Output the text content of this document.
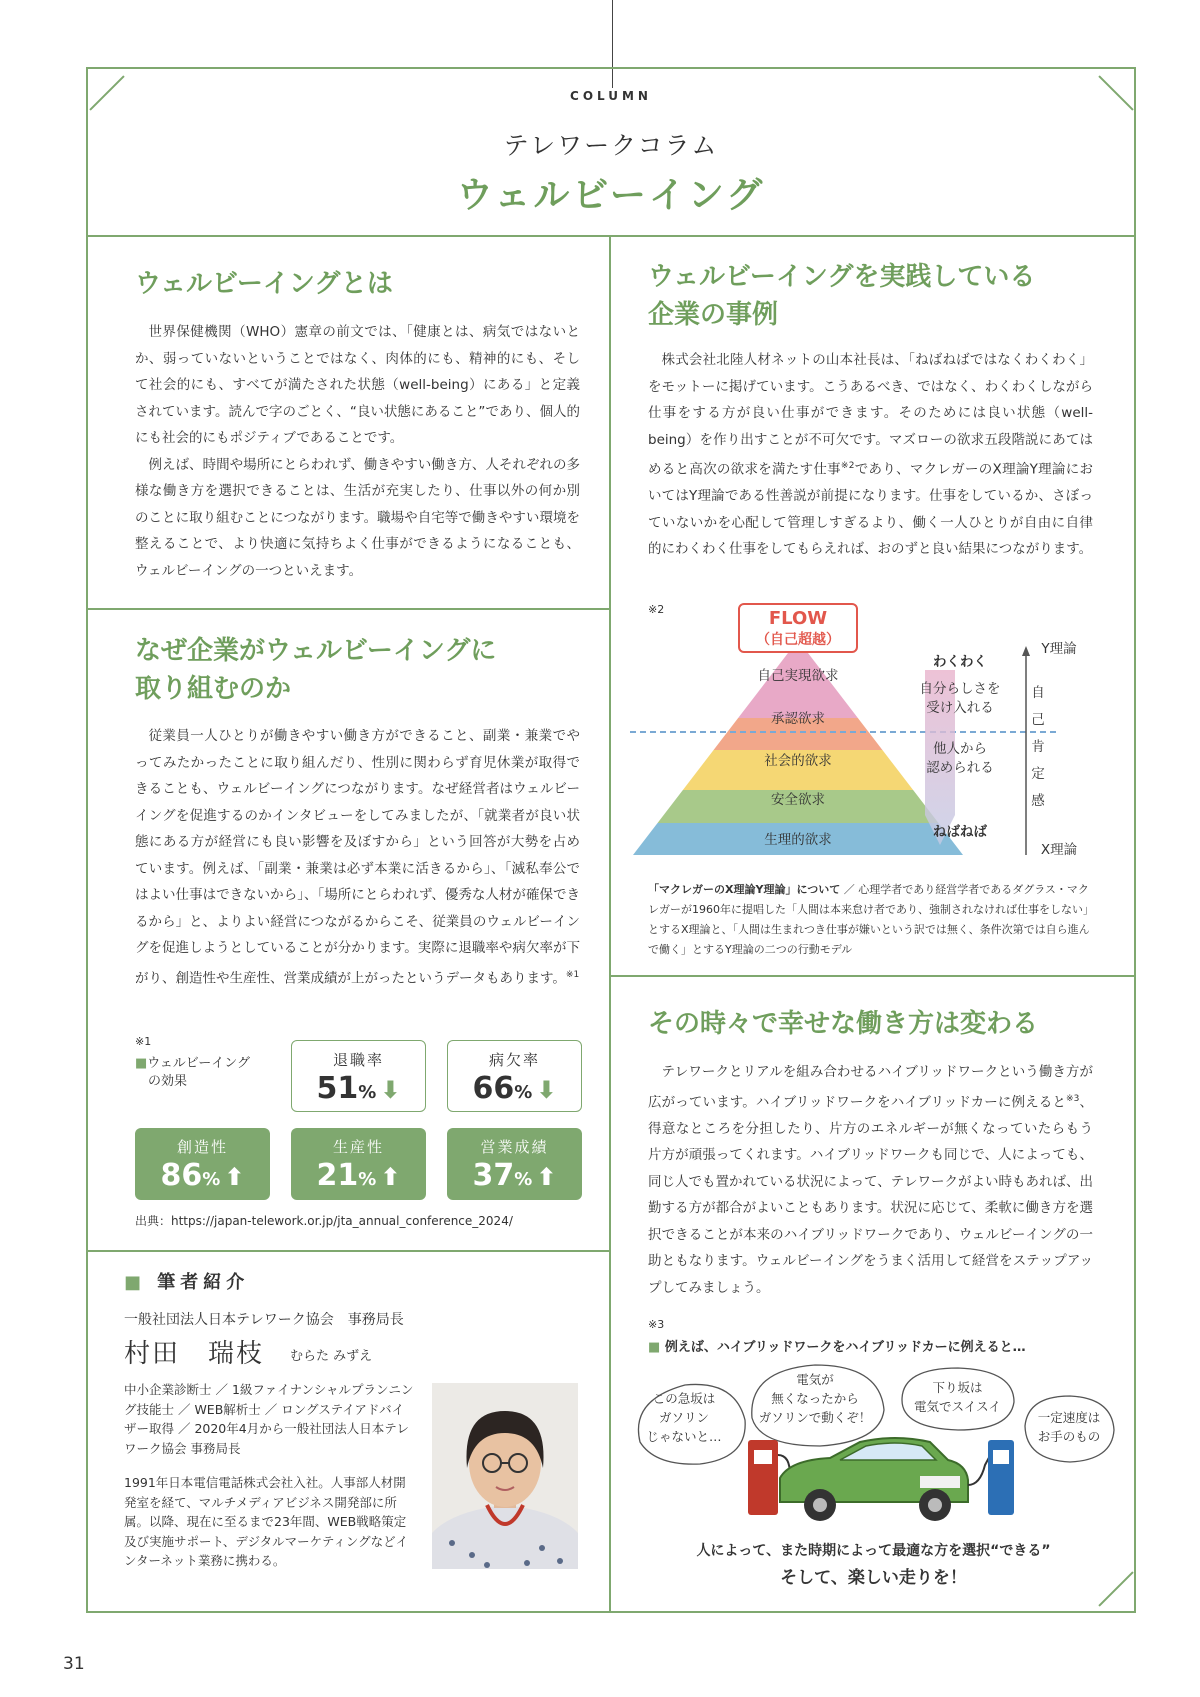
COLUMN
テレワークコラム
ウェルビーイング
ウェルビーイングとは

世界保健機関（WHO）憲章の前文では、「健康とは、病気ではないとか、弱っていないということではなく、肉体的にも、精神的にも、そして社会的にも、すべてが満たされた状態（well-being）にある」と定義されています。読んで字のごとく、“良い状態にあること”であり、個人的にも社会的にもポジティブであることです。

例えば、時間や場所にとらわれず、働きやすい働き方、人それぞれの多様な働き方を選択できることは、生活が充実したり、仕事以外の何か別のことに取り組むことにつながります。職場や自宅等で働きやすい環境を整えることで、より快適に気持ちよく仕事ができるようになることも、ウェルビーイングの一つといえます。

なぜ企業がウェルビーイングに
取り組むのか

従業員一人ひとりが働きやすい働き方ができること、副業・兼業でやってみたかったことに取り組んだり、性別に関わらず育児休業が取得できることも、ウェルビーイングにつながります。なぜ経営者はウェルビーイングを促進するのかインタビューをしてみましたが、「就業者が良い状態にある方が経営にも良い影響を及ぼすから」という回答が大勢を占めています。例えば、「副業・兼業は必ず本業に活きるから」、「滅私奉公ではよい仕事はできないから」、「場所にとらわれず、優秀な人材が確保できるから」と、よりよい経営につながるからこそ、従業員のウェルビーイングを促進しようとしていることが分かります。実際に退職率や病欠率が下がり、創造性や生産性、営業成績が上がったというデータもあります。$^{※1}$

※1
■ウェルビーイング
の効果
退職率
51% ⬇
病欠率
66% ⬇
創造性
86% ⬆
生産性
21% ⬆
営業成績
37% ⬆
出典：https://japan-telework.or.jp/jta_annual_conference_2024/
■ 筆者紹介
一般社団法人日本テレワーク協会　事務局長
村田　瑞枝 むらた みずえ
中小企業診断士 ／ 1級ファイナンシャルプランニング技能士 ／ WEB解析士 ／ ロングステイアドバイザー取得 ／ 2020年4月から一般社団法人日本テレワーク協会 事務局長
1991年日本電信電話株式会社入社。人事部人材開発室を経て、マルチメディアビジネス開発部に所属。以降、現在に至るまで23年間、WEB戦略策定及び実施サポート、デジタルマーケティングなどインターネット業務に携わる。
ウェルビーイングを実践している
企業の事例

株式会社北陸人材ネットの山本社長は、「ねばねばではなくわくわく」をモットーに掲げています。こうあるべき、ではなく、わくわくしながら仕事をする方が良い仕事ができます。そのためには良い状態（well-being）を作り出すことが不可欠です。マズローの欲求五段階説にあてはめると高次の欲求を満たす仕事$^{※2}$であり、マクレガーのX理論Y理論においてはY理論である性善説が前提になります。仕事をしているか、さぼっていないかを心配して管理しすぎるより、働く一人ひとりが自由に自律的にわくわく仕事をしてもらえれば、おのずと良い結果につながります。

※2	FLOW
（自己超越）
自己実現欲求
承認欲求
社会的欲求
安全欲求
生理的欲求
わくわく
自分らしさを
受け入れる
他人から
認められる
ねばねば
Y理論
X理論
自
己
肯
定
感
「マクレガーのX理論Y理論」について ／ 心理学者であり経営学者であるダグラス・マクレガーが1960年に提唱した「人間は本来怠け者であり、強制されなければ仕事をしない」とするX理論と、「人間は生まれつき仕事が嫌いという訳では無く、条件次第では自ら進んで働く」とするY理論の二つの行動モデル
その時々で幸せな働き方は変わる

テレワークとリアルを組み合わせるハイブリッドワークという働き方が広がっています。ハイブリッドワークをハイブリッドカーに例えると$^{※3}$、得意なところを分担したり、片方のエネルギーが無くなっていたらもう片方が頑張ってくれます。ハイブリッドワークも同じで、人によっても、同じ人でも置かれている状況によって、テレワークがよい時もあれば、出勤する方が都合がよいこともあります。状況に応じて、柔軟に働き方を選択できることが本来のハイブリッドワークであり、ウェルビーイングの一助ともなります。ウェルビーイングをうまく活用して経営をステップアップしてみましょう。

※3
■ 例えば、ハイブリッドワークをハイブリッドカーに例えると…
この急坂は
ガソリン
じゃないと…
電気が
無くなったから
ガソリンで動くぞ！
下り坂は
電気でスイスイ
一定速度は
お手のもの
人によって、また時期によって最適な方を選択“できる”
そして、楽しい走りを！
31
